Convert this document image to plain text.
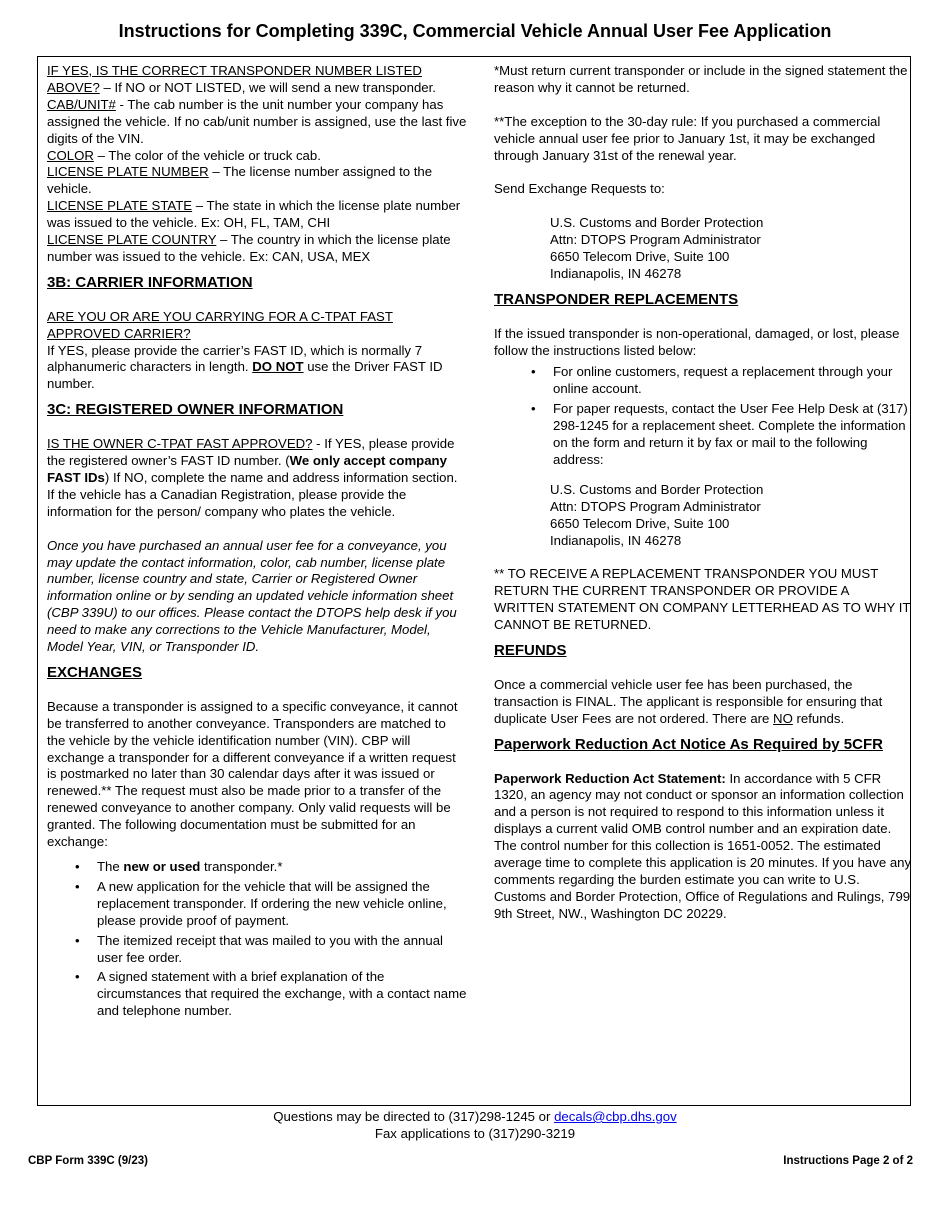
Instructions for Completing 339C, Commercial Vehicle Annual User Fee Application

IF YES, IS THE CORRECT TRANSPONDER NUMBER LISTED ABOVE? – If NO or NOT LISTED, we will send a new transponder.

CAB/UNIT# - The cab number is the unit number your company has assigned the vehicle. If no cab/unit number is assigned, use the last five digits of the VIN.

COLOR – The color of the vehicle or truck cab.

LICENSE PLATE NUMBER – The license number assigned to the vehicle.

LICENSE PLATE STATE – The state in which the license plate number was issued to the vehicle. Ex: OH, FL, TAM, CHI

LICENSE PLATE COUNTRY – The country in which the license plate number was issued to the vehicle. Ex: CAN, USA, MEX

3B: CARRIER INFORMATION

ARE YOU OR ARE YOU CARRYING FOR A C-TPAT FAST APPROVED CARRIER?

If YES, please provide the carrier’s FAST ID, which is normally 7 alphanumeric characters in length. DO NOT use the Driver FAST ID number.

3C: REGISTERED OWNER INFORMATION

IS THE OWNER C-TPAT FAST APPROVED? - If YES, please provide the registered owner’s FAST ID number. (We only accept company FAST IDs) If NO, complete the name and address information section. If the vehicle has a Canadian Registration, please provide the information for the person/ company who plates the vehicle.

Once you have purchased an annual user fee for a conveyance, you may update the contact information, color, cab number, license plate number, license country and state, Carrier or Registered Owner information online or by sending an updated vehicle information sheet (CBP 339U) to our offices. Please contact the DTOPS help desk if you need to make any corrections to the Vehicle Manufacturer, Model, Model Year, VIN, or Transponder ID.

EXCHANGES

Because a transponder is assigned to a specific conveyance, it cannot be transferred to another conveyance. Transponders are matched to the vehicle by the vehicle identification number (VIN). CBP will exchange a transponder for a different conveyance if a written request is postmarked no later than 30 calendar days after it was issued or renewed.** The request must also be made prior to a transfer of the renewed conveyance to another company. Only valid requests will be granted. The following documentation must be submitted for an exchange:

• The new or used transponder.*
• A new application for the vehicle that will be assigned the replacement transponder. If ordering the new vehicle online, please provide proof of payment.
• The itemized receipt that was mailed to you with the annual user fee order.
• A signed statement with a brief explanation of the circumstances that required the exchange, with a contact name and telephone number.

*Must return current transponder or include in the signed statement the reason why it cannot be returned.

**The exception to the 30-day rule: If you purchased a commercial vehicle annual user fee prior to January 1st, it may be exchanged through January 31st of the renewal year.

Send Exchange Requests to:

U.S. Customs and Border Protection

Attn: DTOPS Program Administrator

6650 Telecom Drive, Suite 100

Indianapolis, IN 46278

TRANSPONDER REPLACEMENTS

If the issued transponder is non-operational, damaged, or lost, please follow the instructions listed below:

• For online customers, request a replacement through your online account.
• For paper requests, contact the User Fee Help Desk at (317) 298-1245 for a replacement sheet. Complete the information on the form and return it by fax or mail to the following address:

U.S. Customs and Border Protection

Attn: DTOPS Program Administrator

6650 Telecom Drive, Suite 100

Indianapolis, IN 46278

** TO RECEIVE A REPLACEMENT TRANSPONDER YOU MUST RETURN THE CURRENT TRANSPONDER OR PROVIDE A WRITTEN STATEMENT ON COMPANY LETTERHEAD AS TO WHY IT CANNOT BE RETURNED.

REFUNDS

Once a commercial vehicle user fee has been purchased, the transaction is FINAL. The applicant is responsible for ensuring that duplicate User Fees are not ordered. There are NO refunds.

Paperwork Reduction Act Notice As Required by 5CFR

Paperwork Reduction Act Statement: In accordance with 5 CFR 1320, an agency may not conduct or sponsor an information collection and a person is not required to respond to this information unless it displays a current valid OMB control number and an expiration date. The control number for this collection is 1651-0052. The estimated average time to complete this application is 20 minutes. If you have any comments regarding the burden estimate you can write to U.S. Customs and Border Protection, Office of Regulations and Rulings, 799 9th Street, NW., Washington DC 20229.

Questions may be directed to (317)298-1245 or decals@cbp.dhs.gov

Fax applications to (317)290-3219

CBP Form 339C (9/23)	Instructions Page 2 of 2
